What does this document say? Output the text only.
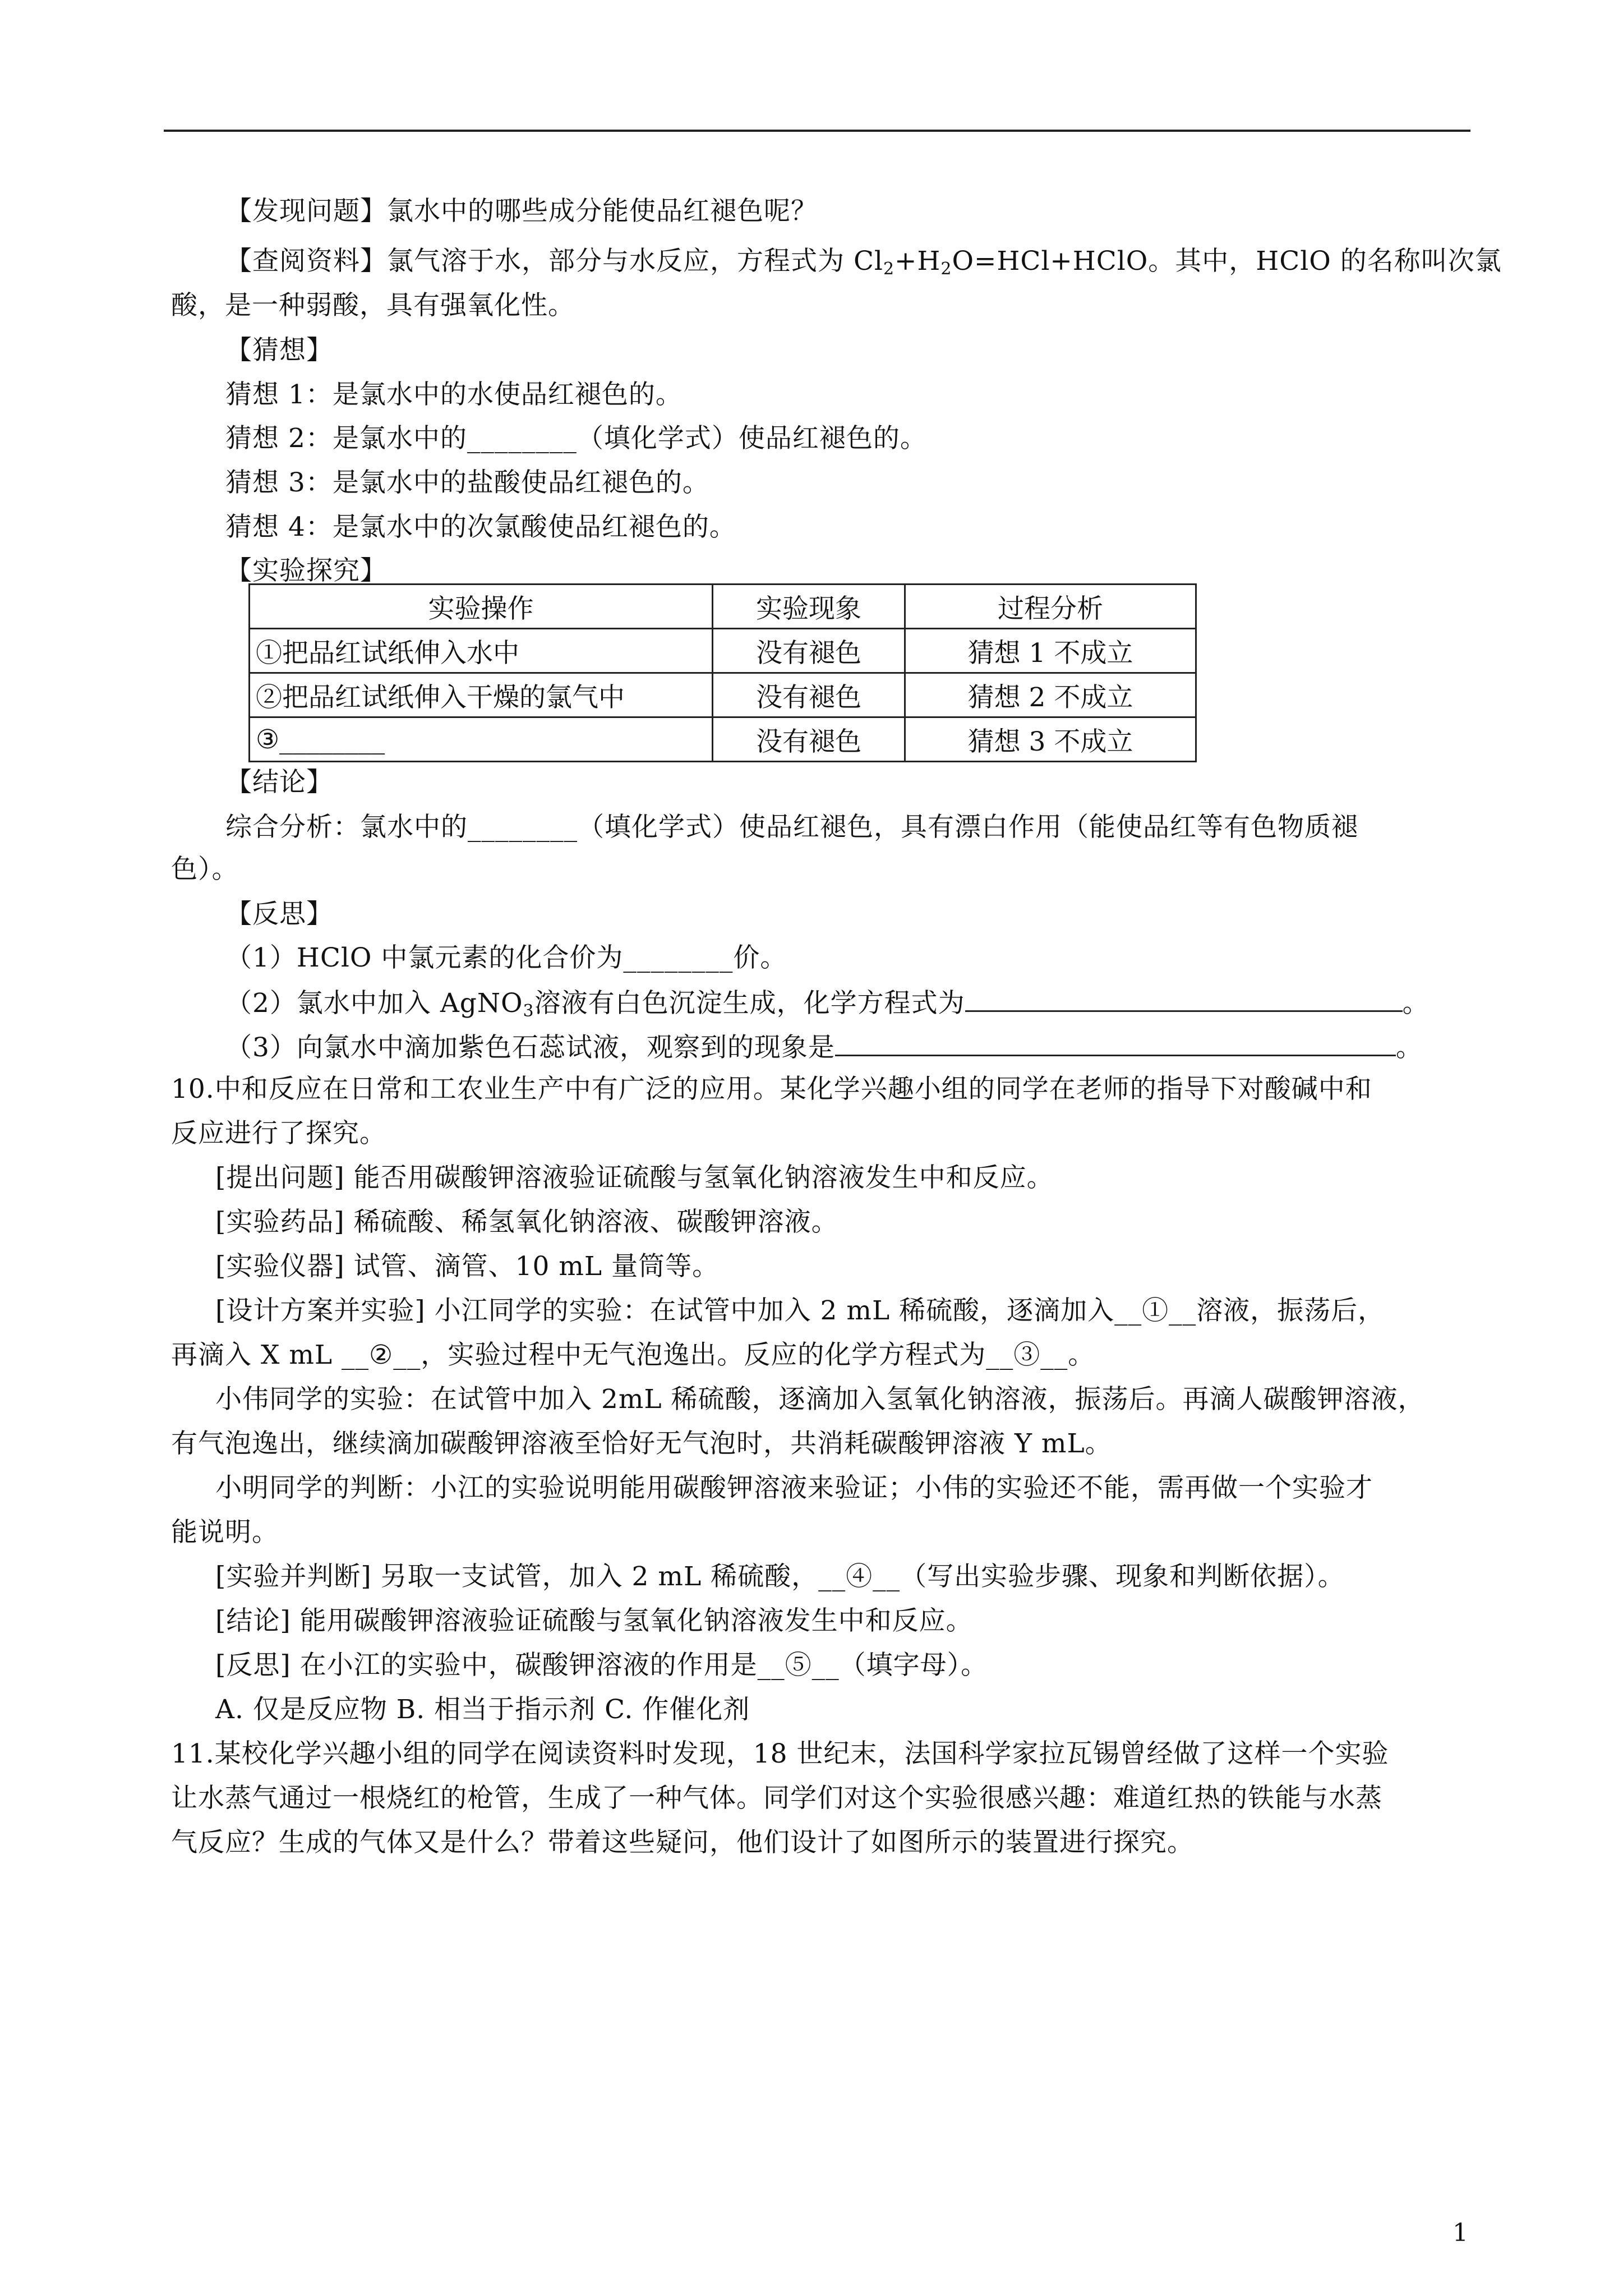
【发现问题】氯水中的哪些成分能使品红褪色呢？
【查阅资料】氯气溶于水，部分与水反应，方程式为 $Cl_2+H_2O=HCl+HClO$。其中，HClO 的名称叫次氯
酸，是一种弱酸，具有强氧化性。
【猜想】
猜想 1：是氯水中的水使品红褪色的。
猜想 2：是氯水中的________（填化学式）使品红褪色的。
猜想 3：是氯水中的盐酸使品红褪色的。
猜想 4：是氯水中的次氯酸使品红褪色的。
【实验探究】
实验操作	实验现象	过程分析
①把品红试纸伸入水中	没有褪色	猜想 1 不成立
②把品红试纸伸入干燥的氯气中	没有褪色	猜想 2 不成立
③________	没有褪色	猜想 3 不成立
【结论】
综合分析：氯水中的________（填化学式）使品红褪色，具有漂白作用（能使品红等有色物质褪
色）。
【反思】
（1）HClO 中氯元素的化合价为________价。
（2）氯水中加入 AgNO$_3$溶液有白色沉淀生成，化学方程式为	。
（3）向氯水中滴加紫色石蕊试液，观察到的现象是	。
10.中和反应在日常和工农业生产中有广泛的应用。某化学兴趣小组的同学在老师的指导下对酸碱中和
反应进行了探究。
[提出问题] 能否用碳酸钾溶液验证硫酸与氢氧化钠溶液发生中和反应。
[实验药品] 稀硫酸、稀氢氧化钠溶液、碳酸钾溶液。
[实验仪器] 试管、滴管、10 mL 量筒等。
[设计方案并实验] 小江同学的实验：在试管中加入 2 mL 稀硫酸，逐滴加入__①__溶液，振荡后，
再滴入 X mL __②__，实验过程中无气泡逸出。反应的化学方程式为__③__。
小伟同学的实验：在试管中加入 2mL 稀硫酸，逐滴加入氢氧化钠溶液，振荡后。再滴人碳酸钾溶液，
有气泡逸出，继续滴加碳酸钾溶液至恰好无气泡时，共消耗碳酸钾溶液 Y mL。
小明同学的判断：小江的实验说明能用碳酸钾溶液来验证；小伟的实验还不能，需再做一个实验才
能说明。
[实验并判断] 另取一支试管，加入 2 mL 稀硫酸，__④__（写出实验步骤、现象和判断依据）。
[结论] 能用碳酸钾溶液验证硫酸与氢氧化钠溶液发生中和反应。
[反思] 在小江的实验中，碳酸钾溶液的作用是__⑤__（填字母）。
A. 仅是反应物 B. 相当于指示剂 C. 作催化剂
11.某校化学兴趣小组的同学在阅读资料时发现，18 世纪末，法国科学家拉瓦锡曾经做了这样一个实验
让水蒸气通过一根烧红的枪管，生成了一种气体。同学们对这个实验很感兴趣：难道红热的铁能与水蒸
气反应？生成的气体又是什么？带着这些疑问，他们设计了如图所示的装置进行探究。
1
